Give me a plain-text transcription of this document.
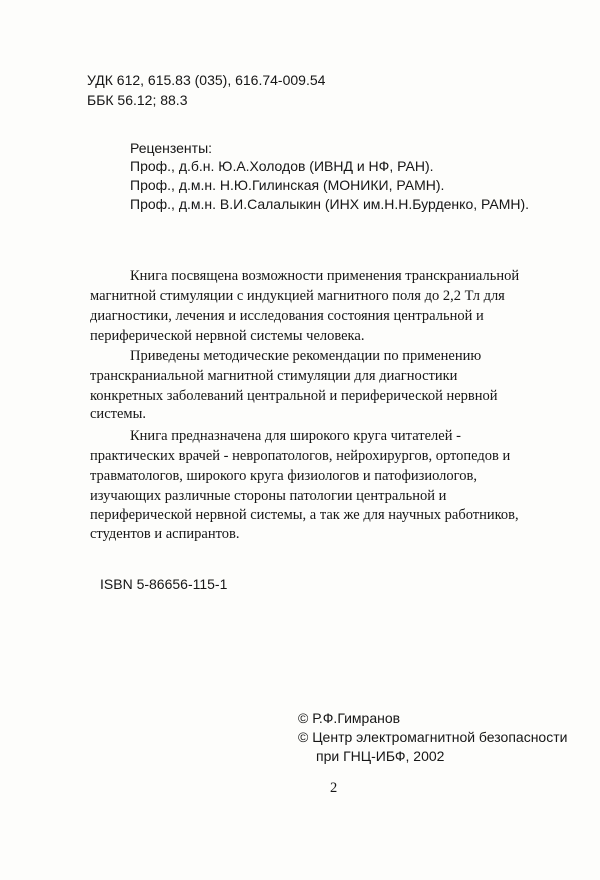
УДК 612, 615.83 (035), 616.74-009.54
ББК 56.12; 88.3
Рецензенты:
Проф., д.б.н. Ю.А.Холодов (ИВНД и НФ, РАН).
Проф., д.м.н. Н.Ю.Гилинская (МОНИКИ, РАМН).
Проф., д.м.н. В.И.Салалыкин (ИНХ им.Н.Н.Бурденко, РАМН).
Книга посвящена возможности применения транскраниальной
магнитной стимуляции с индукцией магнитного поля до 2,2 Тл для
диагностики, лечения и исследования состояния центральной и
периферической нервной системы человека.
Приведены методические рекомендации по применению
транскраниальной магнитной стимуляции для диагностики
конкретных заболеваний центральной и периферической нервной
системы.
Книга предназначена для широкого круга читателей -
практических врачей - невропатологов, нейрохирургов, ортопедов и
травматологов, широкого круга физиологов и патофизиологов,
изучающих различные стороны патологии центральной и
периферической нервной системы, а так же для научных работников,
студентов и аспирантов.
ISBN 5-86656-115-1
© Р.Ф.Гимранов
© Центр электромагнитной безопасности
при ГНЦ-ИБФ, 2002
2
